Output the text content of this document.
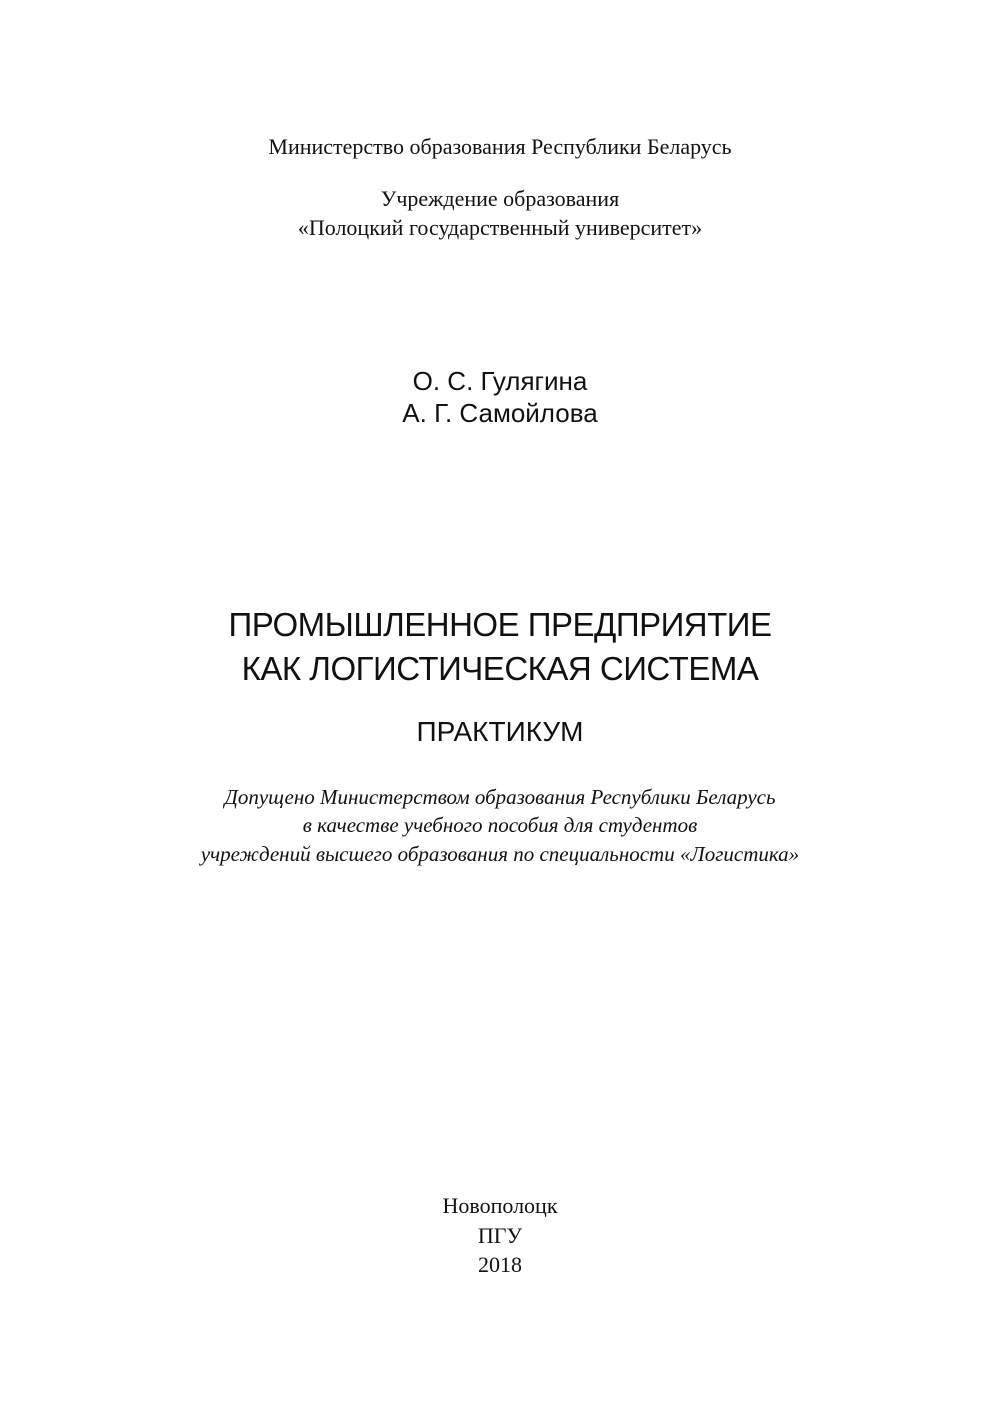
Министерство образования Республики Беларусь
Учреждение образования
«Полоцкий государственный университет»
О. С. Гулягина
А. Г. Самойлова
ПРОМЫШЛЕННОЕ ПРЕДПРИЯТИЕ
КАК ЛОГИСТИЧЕСКАЯ СИСТЕМА
ПРАКТИКУМ
Допущено Министерством образования Республики Беларусь
в качестве учебного пособия для студентов
учреждений высшего образования по специальности «Логистика»
Новополоцк
ПГУ
2018
